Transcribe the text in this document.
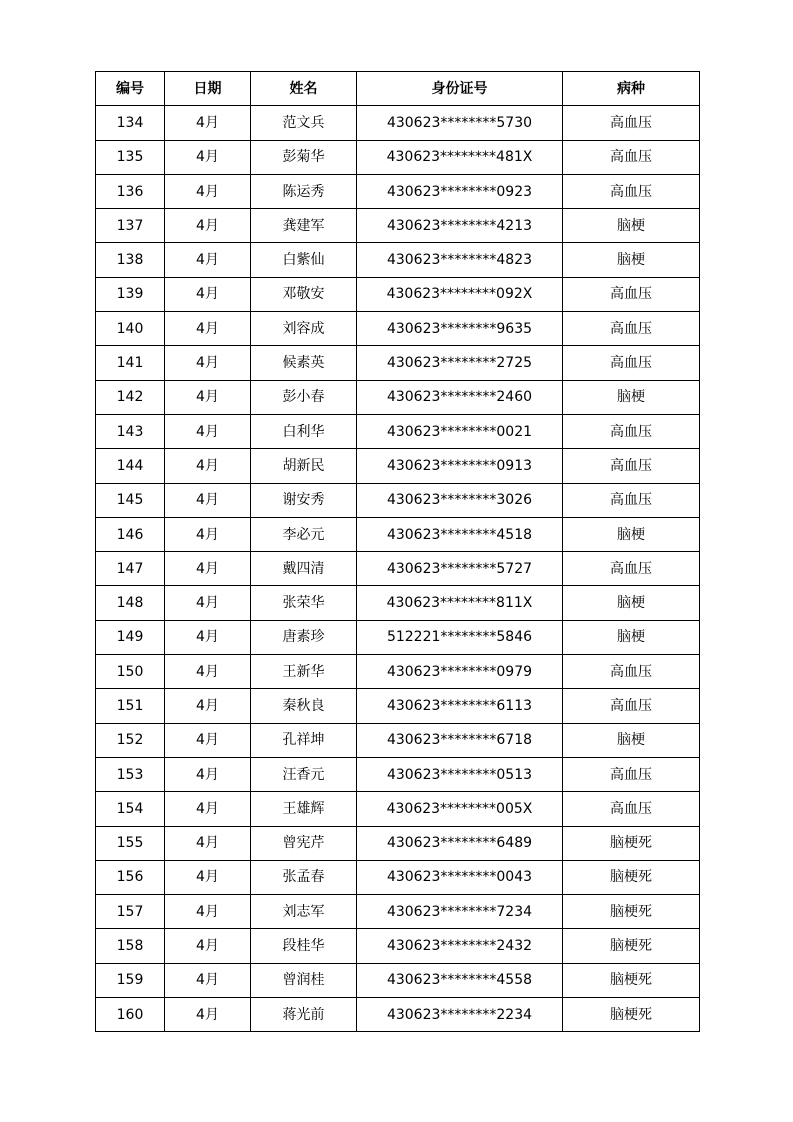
编号	日期	姓名	身份证号	病种
134	4月	范文兵	430623********5730	高血压
135	4月	彭菊华	430623********481X	高血压
136	4月	陈运秀	430623********0923	高血压
137	4月	龚建军	430623********4213	脑梗
138	4月	白紫仙	430623********4823	脑梗
139	4月	邓敬安	430623********092X	高血压
140	4月	刘容成	430623********9635	高血压
141	4月	候素英	430623********2725	高血压
142	4月	彭小春	430623********2460	脑梗
143	4月	白利华	430623********0021	高血压
144	4月	胡新民	430623********0913	高血压
145	4月	谢安秀	430623********3026	高血压
146	4月	李必元	430623********4518	脑梗
147	4月	戴四清	430623********5727	高血压
148	4月	张荣华	430623********811X	脑梗
149	4月	唐素珍	512221********5846	脑梗
150	4月	王新华	430623********0979	高血压
151	4月	秦秋良	430623********6113	高血压
152	4月	孔祥坤	430623********6718	脑梗
153	4月	汪香元	430623********0513	高血压
154	4月	王雄辉	430623********005X	高血压
155	4月	曾宪芹	430623********6489	脑梗死
156	4月	张孟春	430623********0043	脑梗死
157	4月	刘志军	430623********7234	脑梗死
158	4月	段桂华	430623********2432	脑梗死
159	4月	曾润桂	430623********4558	脑梗死
160	4月	蒋光前	430623********2234	脑梗死
